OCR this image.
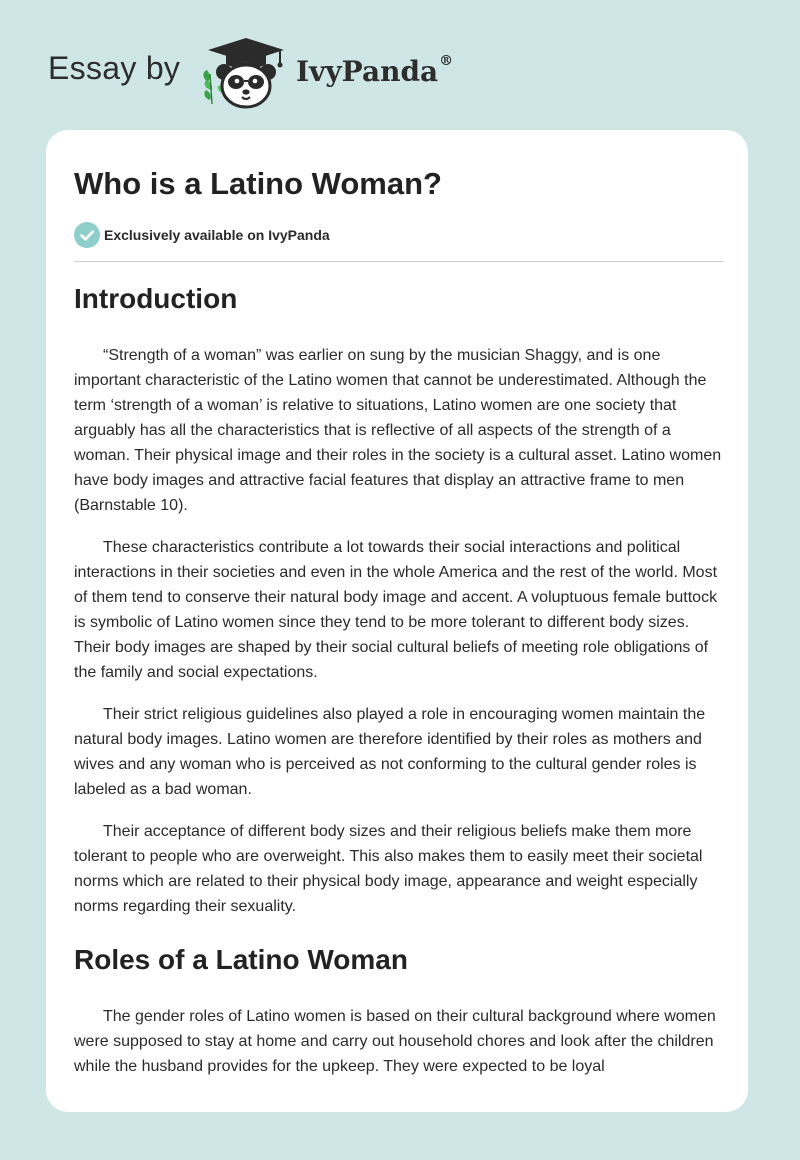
Essay by	IvyPanda®
Who is a Latino Woman?
Exclusively available on IvyPanda
Introduction

“Strength of a woman” was earlier on sung by the musician Shaggy, and is one important characteristic of the Latino women that cannot be underestimated. Although the term ‘strength of a woman’ is relative to situations, Latino women are one society that arguably has all the characteristics that is reflective of all aspects of the strength of a woman. Their physical image and their roles in the society is a cultural asset. Latino women have body images and attractive facial features that display an attractive frame to men (Barnstable 10).

These characteristics contribute a lot towards their social interactions and political interactions in their societies and even in the whole America and the rest of the world. Most of them tend to conserve their natural body image and accent. A voluptuous female buttock is symbolic of Latino women since they tend to be more tolerant to different body sizes. Their body images are shaped by their social cultural beliefs of meeting role obligations of the family and social expectations.

Their strict religious guidelines also played a role in encouraging women maintain the natural body images. Latino women are therefore identified by their roles as mothers and wives and any woman who is perceived as not conforming to the cultural gender roles is labeled as a bad woman.

Their acceptance of different body sizes and their religious beliefs make them more tolerant to people who are overweight. This also makes them to easily meet their societal norms which are related to their physical body image, appearance and weight especially norms regarding their sexuality.

Roles of a Latino Woman

The gender roles of Latino women is based on their cultural background where women were supposed to stay at home and carry out household chores and look after the children while the husband provides for the upkeep. They were expected to be loyal
